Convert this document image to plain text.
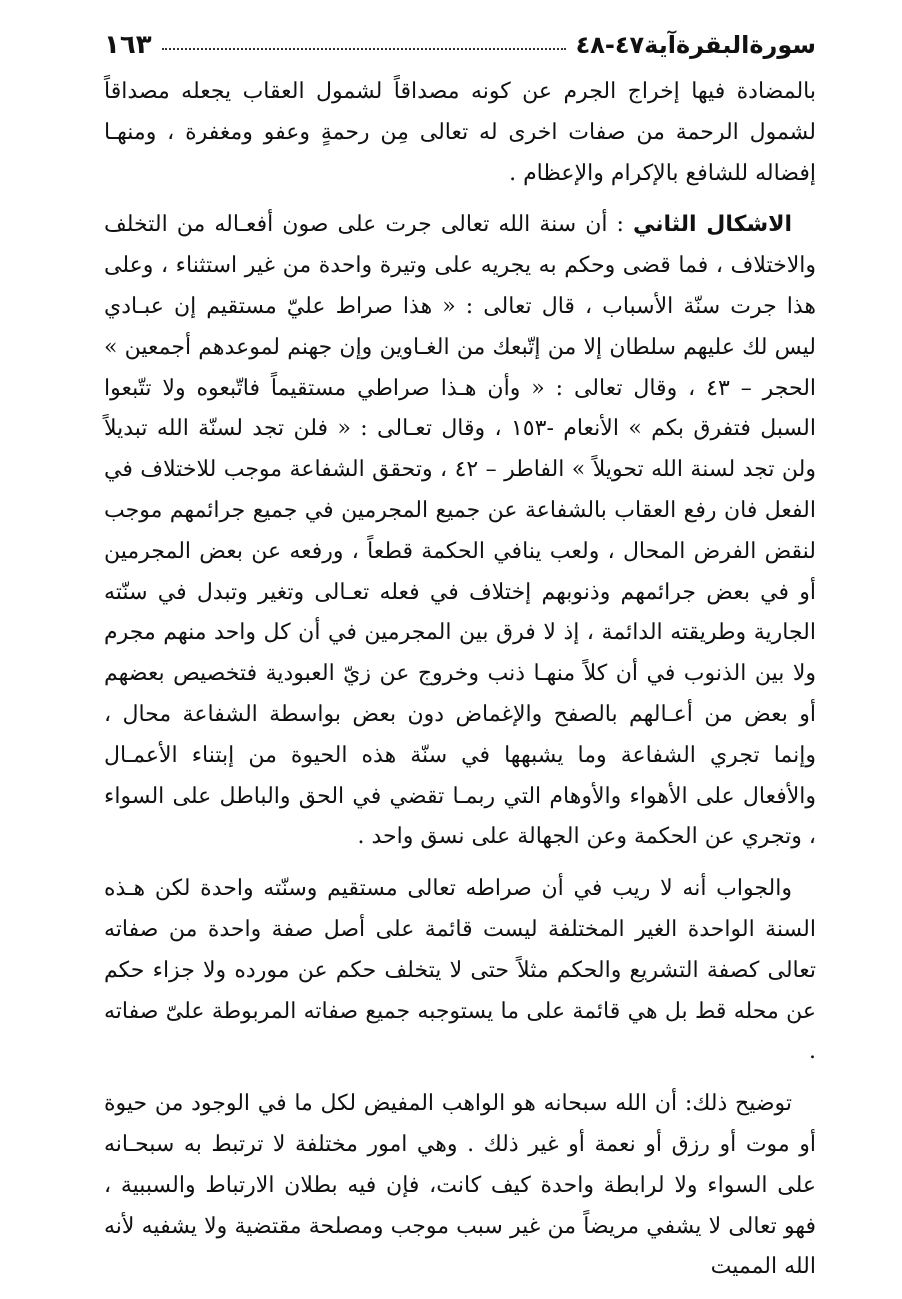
سورةالبقرةآية٤٧-٤٨
١٦٣

بالمضادة فيها إخراج الجرم عن كونه مصداقاً لشمول العقاب يجعله مصداقاً لشمول الرحمة من صفات اخرى له تعالى مِن رحمةٍ وعفو ومغفرة ، ومنهـا إفضاله للشافع بالإكرام والإعظام .

الاشكال الثاني : أن سنة الله تعالى جرت على صون أفعـاله من التخلف والاختلاف ، فما قضى وحكم به يجريه على وتيرة واحدة من غير استثناء ، وعلى هذا جرت سنّة الأسباب ، قال تعالى : « هذا صراط عليّ مستقيم إن عبـادي ليس لك عليهم سلطان إلا من إتّبعك من الغـاوين وإن جهنم لموعدهم أجمعين » الحجر – ٤٣ ، وقال تعالى : « وأن هـذا صراطي مستقيماً فاتّبعوه ولا تتّبعوا السبل فتفرق بكم » الأنعام -١٥٣ ، وقال تعـالى : « فلن تجد لسنّة الله تبديلاً ولن تجد لسنة الله تحويلاً » الفاطر – ٤٢ ، وتحقق الشفاعة موجب للاختلاف في الفعل فان رفع العقاب بالشفاعة عن جميع المجرمين في جميع جرائمهم موجب لنقض الفرض المحال ، ولعب ينافي الحكمة قطعاً ، ورفعه عن بعض المجرمين أو في بعض جرائمهم وذنوبهم إختلاف في فعله تعـالى وتغير وتبدل في سنّته الجارية وطريقته الدائمة ، إذ لا فرق بين المجرمين في أن كل واحد منهم مجرم ولا بين الذنوب في أن كلاً منهـا ذنب وخروج عن زيّ العبودية فتخصيص بعضهم أو بعض من أعـالهم بالصفح والإغماض دون بعض بواسطة الشفاعة محال ، وإنما تجري الشفاعة وما يشبهها في سنّة هذه الحيوة من إبتناء الأعمـال والأفعال على الأهواء والأوهام التي ربمـا تقضي في الحق والباطل على السواء ، وتجري عن الحكمة وعن الجهالة على نسق واحد .

والجواب أنه لا ريب في أن صراطه تعالى مستقيم وسنّته واحدة لكن هـذه السنة الواحدة الغير المختلفة ليست قائمة على أصل صفة واحدة من صفاته تعالى كصفة التشريع والحكم مثلاً حتى لا يتخلف حكم عن مورده ولا جزاء حكم عن محله قط بل هي قائمة على ما يستوجبه جميع صفاته المربوطة علىّ صفاته .

توضيح ذلك: أن الله سبحانه هو الواهب المفيض لكل ما في الوجود من حيوة أو موت أو رزق أو نعمة أو غير ذلك . وهي امور مختلفة لا ترتبط به سبحـانه على السواء ولا لرابطة واحدة كيف كانت، فإن فيه بطلان الارتباط والسببية ، فهو تعالى لا يشفي مريضاً من غير سبب موجب ومصلحة مقتضية ولا يشفيه لأنه الله المميت
